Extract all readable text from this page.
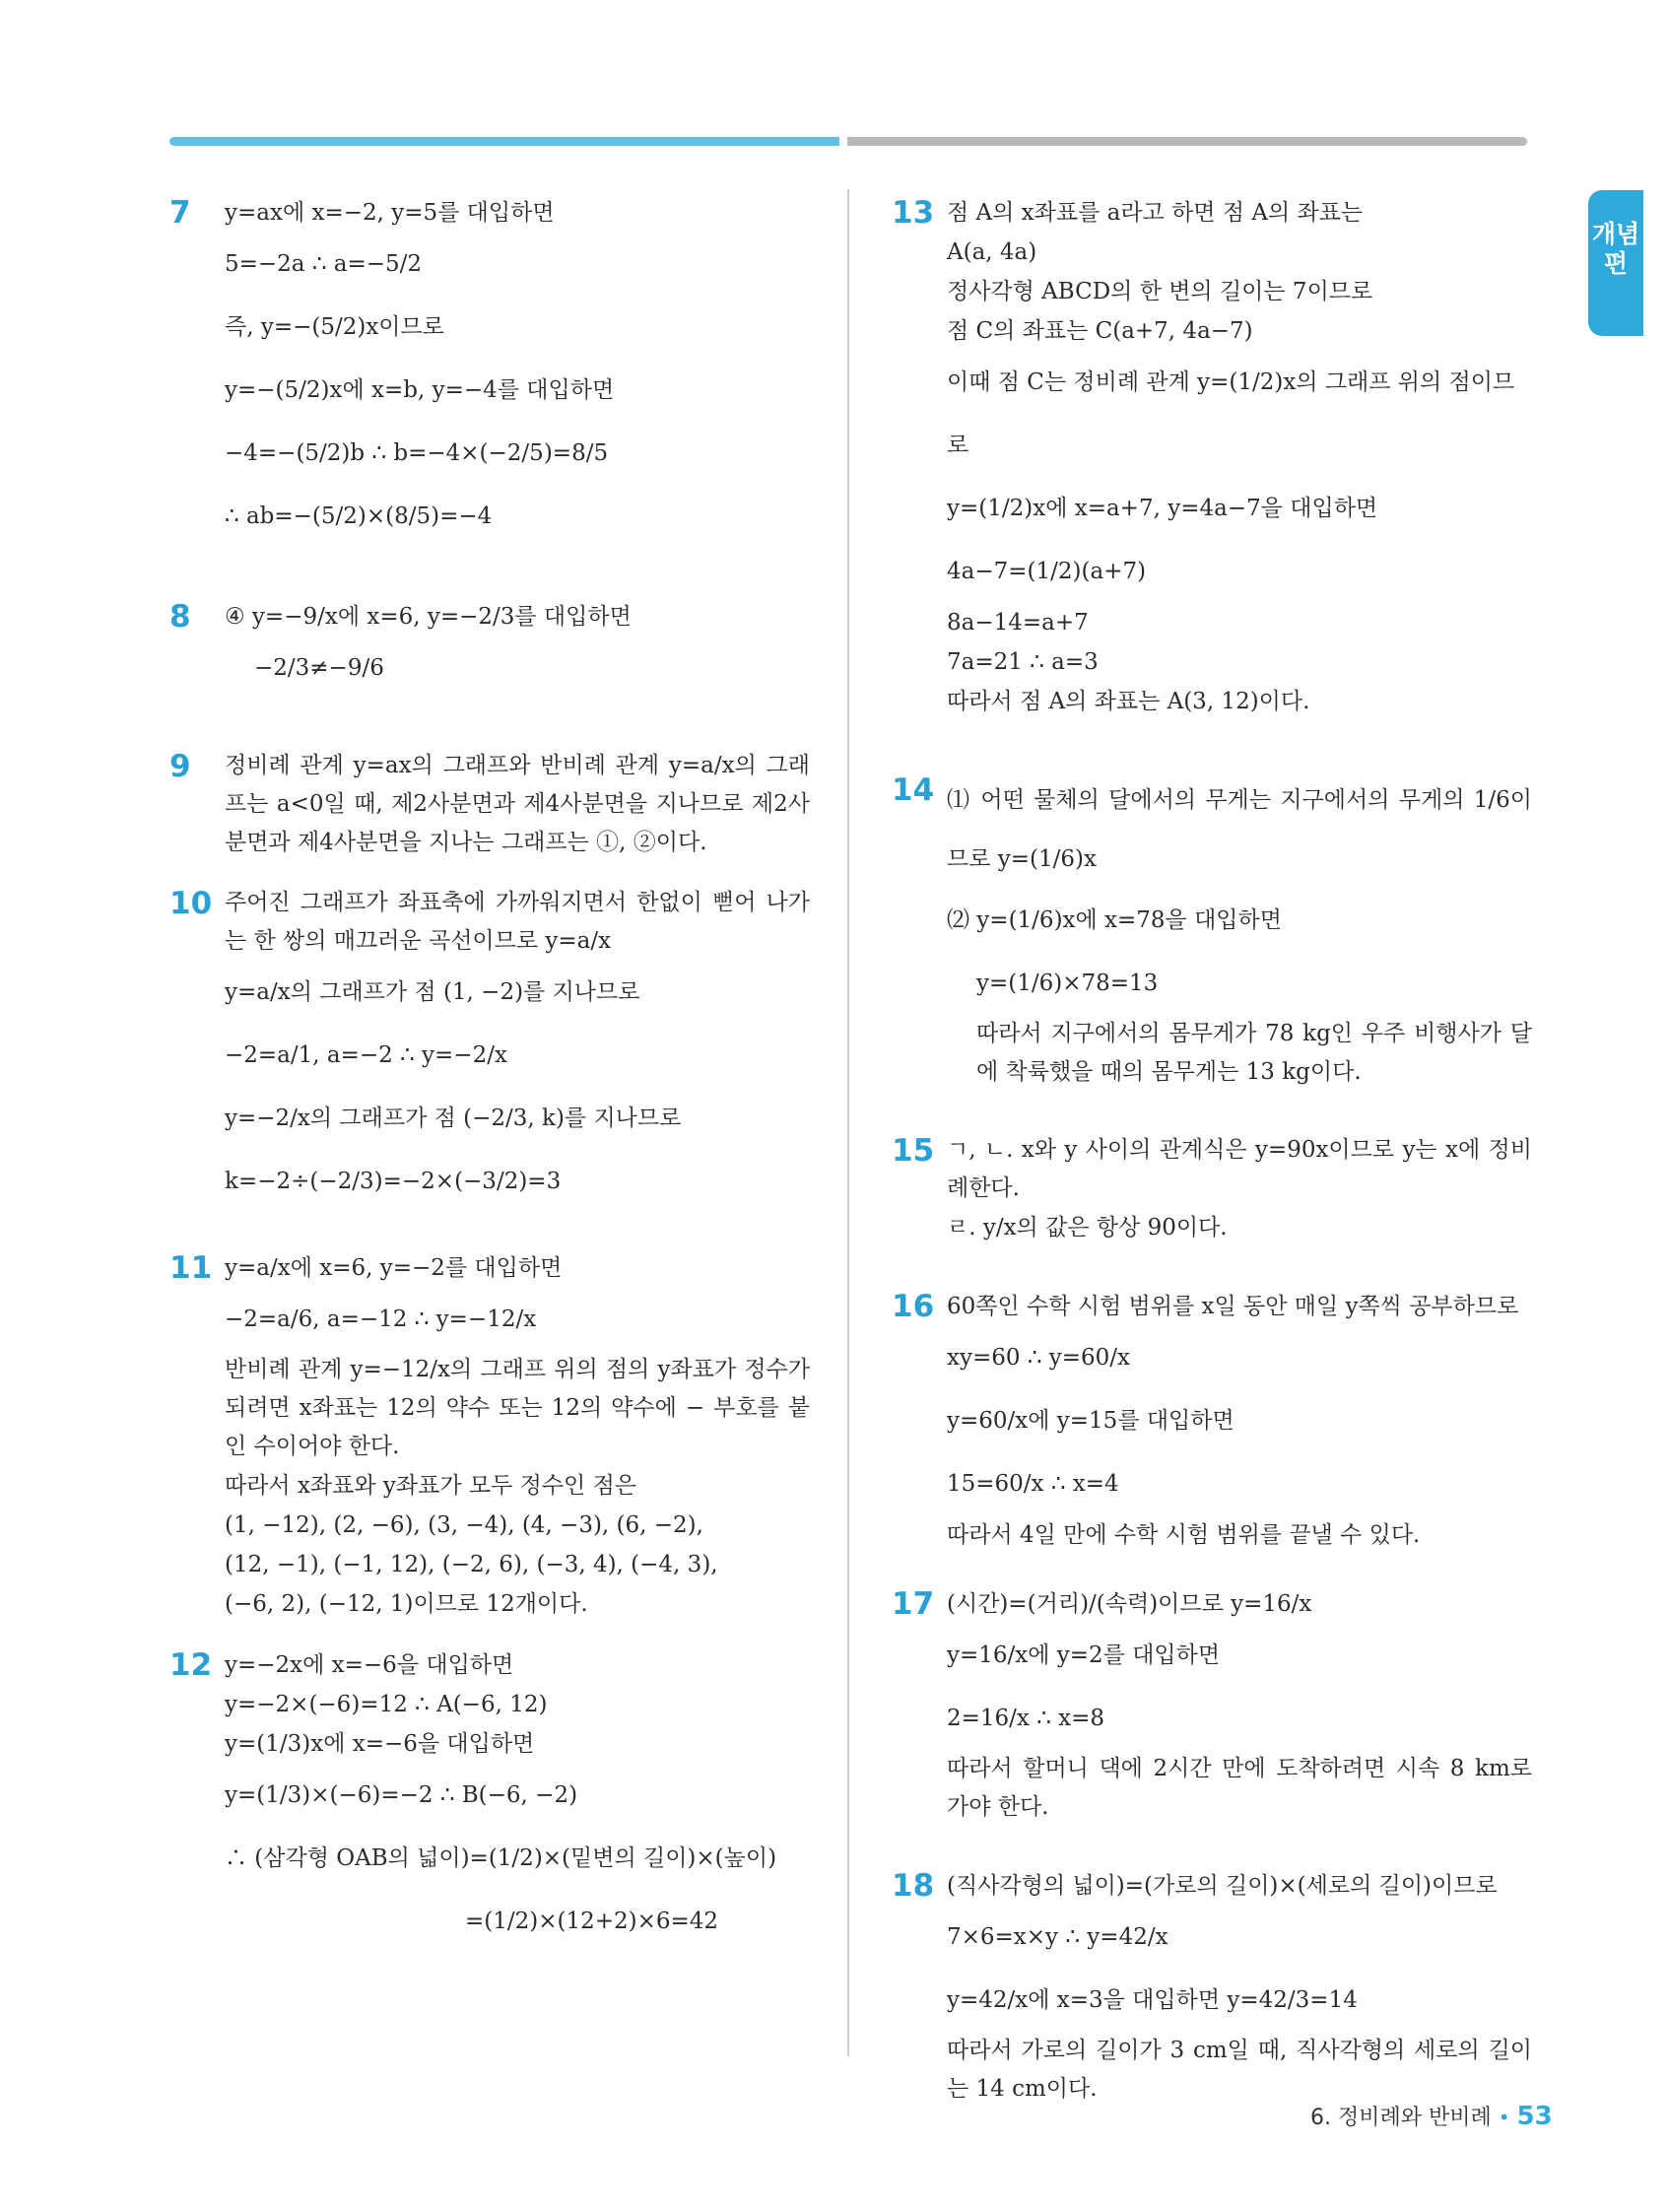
개념편
7	y=ax에 x=−2, y=5를 대입하면
5=−2a ∴ a=−5/2
즉, y=−(5/2)x이므로
y=−(5/2)x에 x=b, y=−4를 대입하면
−4=−(5/2)b ∴ b=−4×(−2/5)=8/5
∴ ab=−(5/2)×(8/5)=−4
8	④ y=−9/x에 x=6, y=−2/3를 대입하면
−2/3≠−9/6
9	정비례 관계 y=ax의 그래프와 반비례 관계 y=a/x의 그래프는 a<0일 때, 제2사분면과 제4사분면을 지나므로 제2사분면과 제4사분면을 지나는 그래프는 ①, ②이다.
10 주어진 그래프가 좌표축에 가까워지면서 한없이 뻗어 나가는 한 쌍의 매끄러운 곡선이므로 y=a/x
y=a/x의 그래프가 점 (1, −2)를 지나므로
−2=a/1, a=−2 ∴ y=−2/x
y=−2/x의 그래프가 점 (−2/3, k)를 지나므로
k=−2÷(−2/3)=−2×(−3/2)=3
11 y=a/x에 x=6, y=−2를 대입하면
−2=a/6, a=−12 ∴ y=−12/x
반비례 관계 y=−12/x의 그래프 위의 점의 y좌표가 정수가 되려면 x좌표는 12의 약수 또는 12의 약수에 − 부호를 붙인 수이어야 한다.
따라서 x좌표와 y좌표가 모두 정수인 점은
(1, −12), (2, −6), (3, −4), (4, −3), (6, −2),
(12, −1), (−1, 12), (−2, 6), (−3, 4), (−4, 3),
(−6, 2), (−12, 1)이므로 12개이다.
12 y=−2x에 x=−6을 대입하면
y=−2×(−6)=12 ∴ A(−6, 12)
y=(1/3)x에 x=−6을 대입하면
y=(1/3)×(−6)=−2 ∴ B(−6, −2)
∴ (삼각형 OAB의 넓이)=(1/2)×(밑변의 길이)×(높이)
=(1/2)×(12+2)×6=42
13 점 A의 x좌표를 a라고 하면 점 A의 좌표는
A(a, 4a)
정사각형 ABCD의 한 변의 길이는 7이므로
점 C의 좌표는 C(a+7, 4a−7)
이때 점 C는 정비례 관계 y=(1/2)x의 그래프 위의 점이므로
y=(1/2)x에 x=a+7, y=4a−7을 대입하면
4a−7=(1/2)(a+7)
8a−14=a+7
7a=21 ∴ a=3
따라서 점 A의 좌표는 A(3, 12)이다.
14 ⑴ 어떤 물체의 달에서의 무게는 지구에서의 무게의 1/6이므로 y=(1/6)x
⑵ y=(1/6)x에 x=78을 대입하면
y=(1/6)×78=13
따라서 지구에서의 몸무게가 78 kg인 우주 비행사가 달에 착륙했을 때의 몸무게는 13 kg이다.
15 ㄱ, ㄴ. x와 y 사이의 관계식은 y=90x이므로 y는 x에 정비례한다.
ㄹ. y/x의 값은 항상 90이다.
16 60쪽인 수학 시험 범위를 x일 동안 매일 y쪽씩 공부하므로
xy=60 ∴ y=60/x
y=60/x에 y=15를 대입하면
15=60/x ∴ x=4
따라서 4일 만에 수학 시험 범위를 끝낼 수 있다.
17 (시간)=(거리)/(속력)이므로 y=16/x
y=16/x에 y=2를 대입하면
2=16/x ∴ x=8
따라서 할머니 댁에 2시간 만에 도착하려면 시속 8 km로 가야 한다.
18 (직사각형의 넓이)=(가로의 길이)×(세로의 길이)이므로
7×6=x×y ∴ y=42/x
y=42/x에 x=3을 대입하면 y=42/3=14
따라서 가로의 길이가 3 cm일 때, 직사각형의 세로의 길이는 14 cm이다.
6. 정비례와 반비례 • 53
